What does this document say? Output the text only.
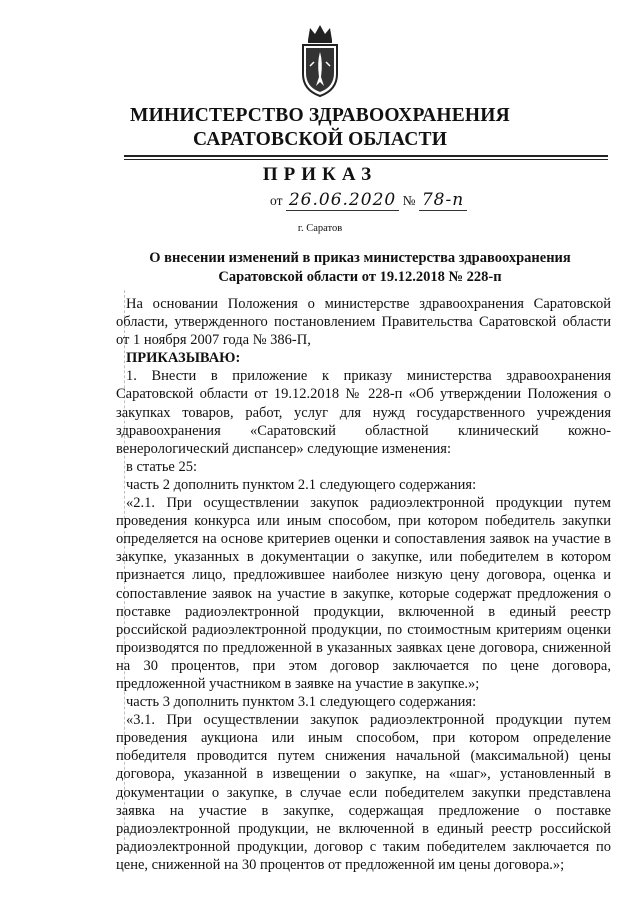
МИНИСТЕРСТВО ЗДРАВООХРАНЕНИЯ
САРАТОВСКОЙ ОБЛАСТИ
ПРИКАЗ
от 26.06.2020 № 78-п
г. Саратов
О внесении изменений в приказ министерства здравоохранения
Саратовской области от 19.12.2018 № 228-п

На основании Положения о министерстве здравоохранения Саратовской области, утвержденного постановлением Правительства Саратовской области от 1 ноября 2007 года № 386-П,

ПРИКАЗЫВАЮ:

1. Внести в приложение к приказу министерства здравоохранения Саратовской области от 19.12.2018 № 228-п «Об утверждении Положения о закупках товаров, работ, услуг для нужд государственного учреждения здравоохранения «Саратовский областной клинический кожно-венерологический диспансер» следующие изменения:

в статье 25:

часть 2 дополнить пунктом 2.1 следующего содержания:

«2.1. При осуществлении закупок радиоэлектронной продукции путем проведения конкурса или иным способом, при котором победитель закупки определяется на основе критериев оценки и сопоставления заявок на участие в закупке, указанных в документации о закупке, или победителем в котором признается лицо, предложившее наиболее низкую цену договора, оценка и сопоставление заявок на участие в закупке, которые содержат предложения о поставке радиоэлектронной продукции, включенной в единый реестр российской радиоэлектронной продукции, по стоимостным критериям оценки производятся по предложенной в указанных заявках цене договора, сниженной на 30 процентов, при этом договор заключается по цене договора, предложенной участником в заявке на участие в закупке.»;

часть 3 дополнить пунктом 3.1 следующего содержания:

«3.1. При осуществлении закупок радиоэлектронной продукции путем проведения аукциона или иным способом, при котором определение победителя проводится путем снижения начальной (максимальной) цены договора, указанной в извещении о закупке, на «шаг», установленный в документации о закупке, в случае если победителем закупки представлена заявка на участие в закупке, содержащая предложение о поставке радиоэлектронной продукции, не включенной в единый реестр российской радиоэлектронной продукции, договор с таким победителем заключается по цене, сниженной на 30 процентов от предложенной им цены договора.»;
